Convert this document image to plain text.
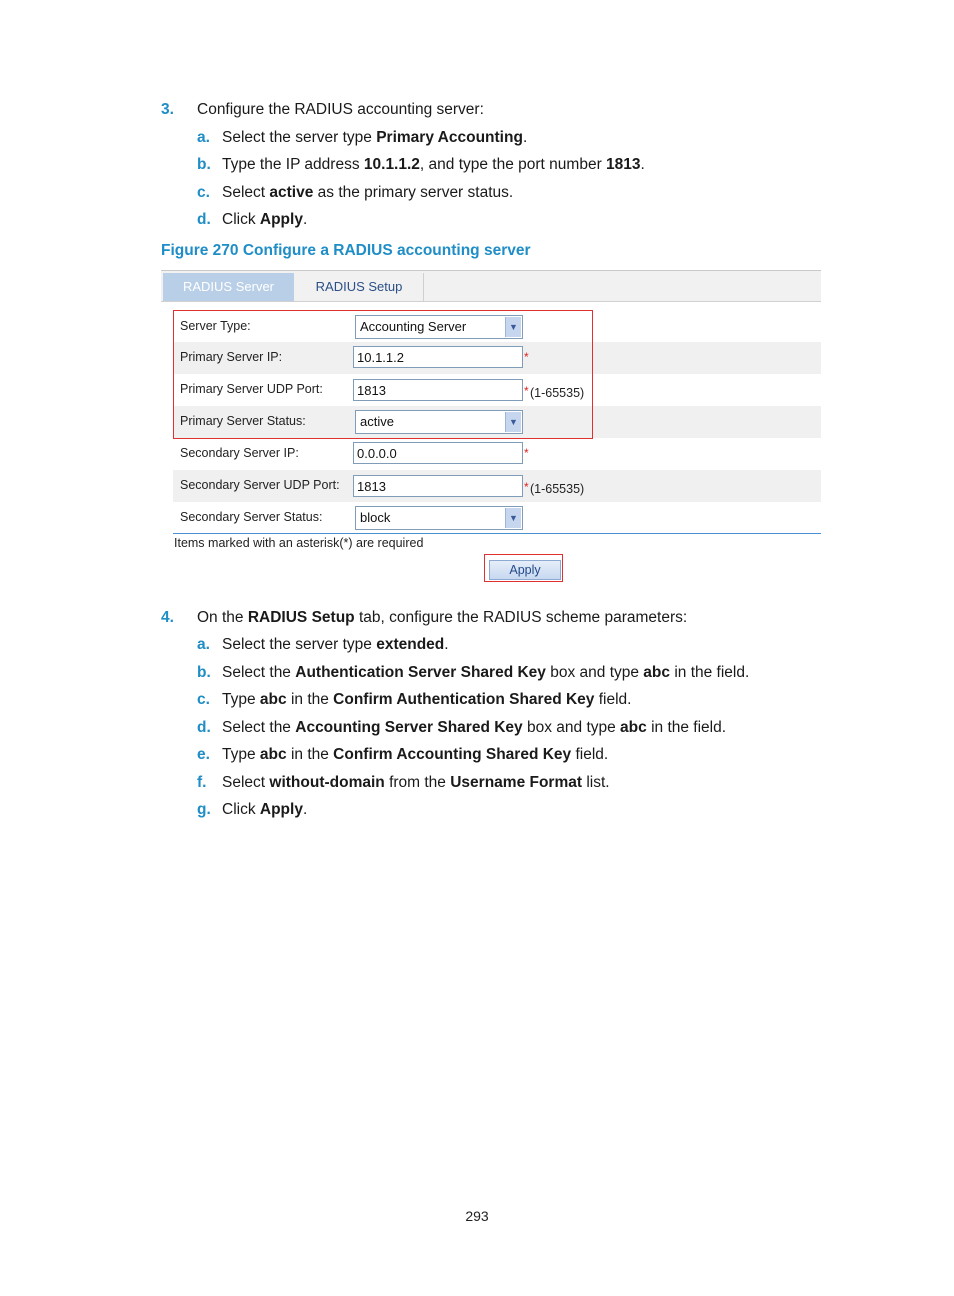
3. Configure the RADIUS accounting server:
a. Select the server type Primary Accounting.
b. Type the IP address 10.1.1.2, and type the port number 1813.
c. Select active as the primary server status.
d. Click Apply.
Figure 270 Configure a RADIUS accounting server
RADIUS Server	RADIUS Setup
Server Type:	Accounting Server	▼
Primary Server IP:	10.1.1.2	*
Primary Server UDP Port:	1813	* (1-65535)
Primary Server Status:	active	▼
Secondary Server IP:	0.0.0.0	*
Secondary Server UDP Port:	1813	* (1-65535)
Secondary Server Status:	block	▼
Items marked with an asterisk(*) are required
Apply
4. On the RADIUS Setup tab, configure the RADIUS scheme parameters:
a. Select the server type extended.
b. Select the Authentication Server Shared Key box and type abc in the field.
c. Type abc in the Confirm Authentication Shared Key field.
d. Select the Accounting Server Shared Key box and type abc in the field.
e. Type abc in the Confirm Accounting Shared Key field.
f. Select without-domain from the Username Format list.
g. Click Apply.
293
